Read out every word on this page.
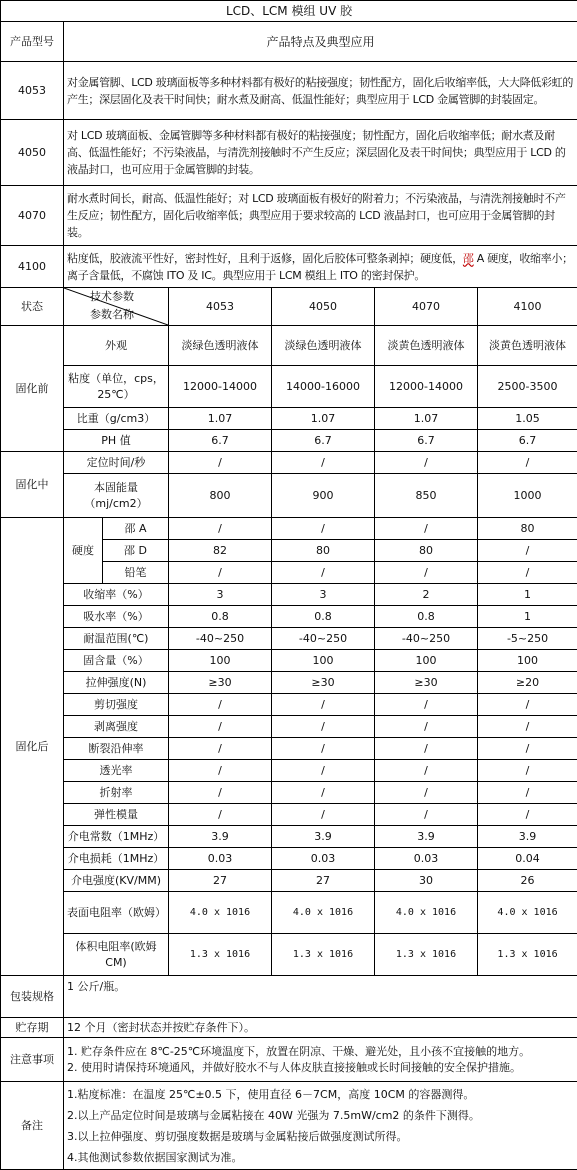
LCD、LCM 模组 UV 胶						
产品型号	产品特点及典型应用					
4053	对金属管脚、LCD 玻璃面板等多种材料都有极好的粘接强度；韧性配方，固化后收缩率低，大大降低彩虹的产生；深层固化及表干时间快；耐水煮及耐高、低温性能好；典型应用于 LCD 金属管脚的封装固定。					
4050	对 LCD 玻璃面板、金属管脚等多种材料都有极好的粘接强度；韧性配方，固化后收缩率低；耐水煮及耐高、低温性能好；不污染液晶，与清洗剂接触时不产生反应；深层固化及表干时间快；典型应用于 LCD 的液晶封口，也可应用于金属管脚的封装。					
4070	耐水煮时间长，耐高、低温性能好；对 LCD 玻璃面板有极好的附着力；不污染液晶，与清洗剂接触时不产生反应；韧性配方，固化后收缩率低；典型应用于要求较高的 LCD 液晶封口，也可应用于金属管脚的封装。					
4100	粘度低，胶液流平性好，密封性好，且利于返修，固化后胶体可整条剥掉；硬度低，邵 A 硬度，收缩率小；离子含量低，不腐蚀 ITO 及 IC。典型应用于 LCM 模组上 ITO 的密封保护。					
状态	技术参数
参数名称		4053	4050	4070	4100
固化前	外观		淡绿色透明液体	淡绿色透明液体	淡黄色透明液体	淡黄色透明液体
	粘度（单位，cps，25℃）		12000-14000	14000-16000	12000-14000	2500-3500
	比重（g/cm3）		1.07	1.07	1.07	1.05
	PH 值		6.7	6.7	6.7	6.7
固化中	定位时间/秒		/	/	/	/
	本固能量（mj/cm2）		800	900	850	1000
固化后	硬度	邵 A	/	/	/	80
		邵 D	82	80	80	/
		铅笔	/	/	/	/
	收缩率（%）		3	3	2	1
	吸水率（%）		0.8	0.8	0.8	1
	耐温范围(℃)		-40~250	-40~250	-40~250	-5~250
	固含量（%）		100	100	100	100
	拉伸强度(N)		≥30	≥30	≥30	≥20
	剪切强度		/	/	/	/
	剥离强度		/	/	/	/
	断裂沿伸率		/	/	/	/
	透光率		/	/	/	/
	折射率		/	/	/	/
	弹性模量		/	/	/	/
	介电常数（1MHz）		3.9	3.9	3.9	3.9
	介电损耗（1MHz）		0.03	0.03	0.03	0.04
	介电强度(KV/MM)		27	27	30	26
	表面电阻率（欧姆）		4.0 x 1016	4.0 x 1016	4.0 x 1016	4.0 x 1016
	体积电阻率(欧姆 CM)		1.3 x 1016	1.3 x 1016	1.3 x 1016	1.3 x 1016
包装规格	1 公斤/瓶。					
贮存期	12 个月（密封状态并按贮存条件下）。					
注意事项	1. 贮存条件应在 8℃-25℃环境温度下，放置在阴凉、干燥、避光处，且小孩不宜接触的地方。
2. 使用时请保持环境通风，并做好胶水不与人体皮肤直接接触或长时间接触的安全保护措施。					

备注	1.粘度标准：在温度 25℃±0.5 下，使用直径 6－7CM，高度 10CM 的容器测得。
2.以上产品定位时间是玻璃与金属粘接在 40W 光强为 7.5mW/cm2 的条件下测得。
3.以上拉伸强度、剪切强度数据是玻璃与金属粘接后做强度测试所得。
4.其他测试参数依据国家测试为准。					
